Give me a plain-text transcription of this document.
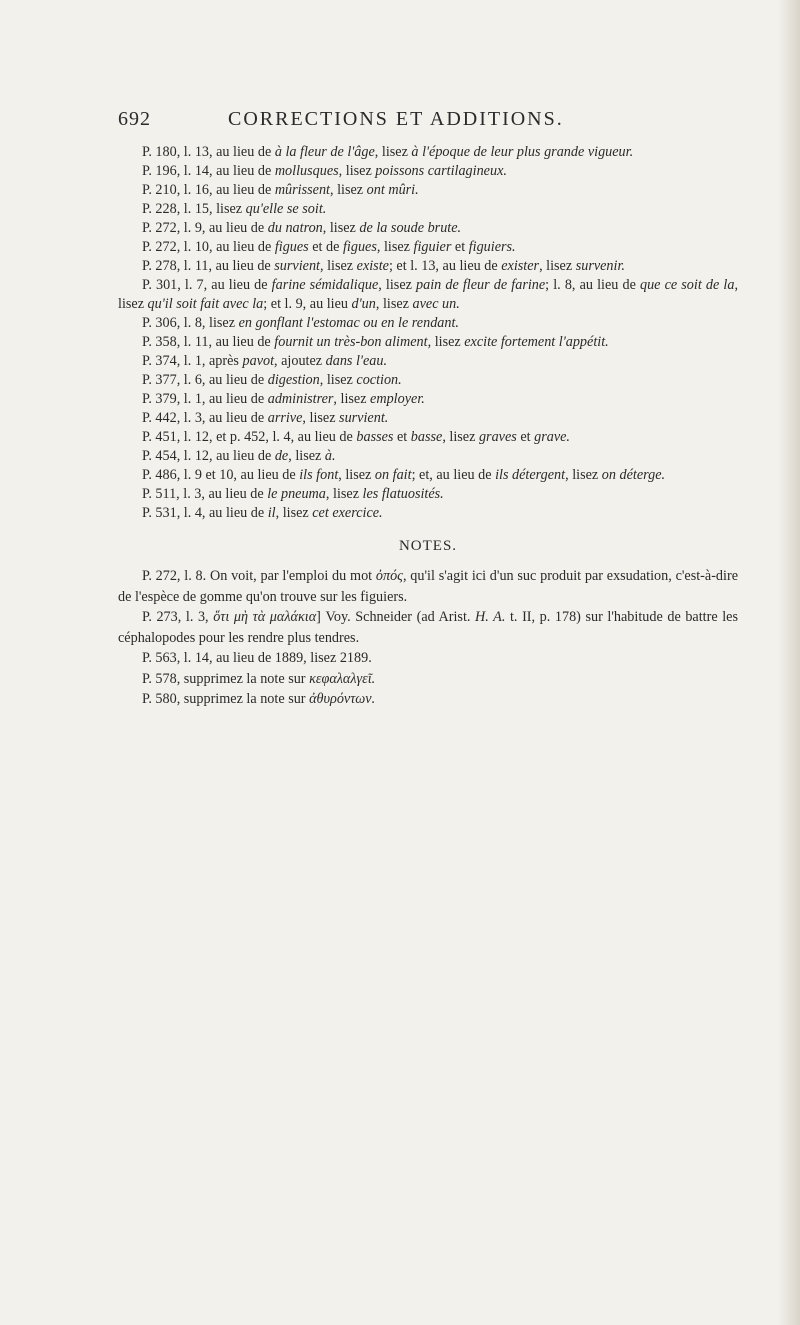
692	CORRECTIONS ET ADDITIONS.

P. 180, l. 13, au lieu de à la fleur de l'âge, lisez à l'époque de leur plus grande vigueur.

P. 196, l. 14, au lieu de mollusques, lisez poissons cartilagineux.

P. 210, l. 16, au lieu de mûrissent, lisez ont mûri.

P. 228, l. 15, lisez qu'elle se soit.

P. 272, l. 9, au lieu de du natron, lisez de la soude brute.

P. 272, l. 10, au lieu de figues et de figues, lisez figuier et figuiers.

P. 278, l. 11, au lieu de survient, lisez existe; et l. 13, au lieu de exister, lisez survenir.

P. 301, l. 7, au lieu de farine sémidalique, lisez pain de fleur de farine; l. 8, au lieu de que ce soit de la, lisez qu'il soit fait avec la; et l. 9, au lieu d'un, lisez avec un.

P. 306, l. 8, lisez en gonflant l'estomac ou en le rendant.

P. 358, l. 11, au lieu de fournit un très-bon aliment, lisez excite fortement l'appétit.

P. 374, l. 1, après pavot, ajoutez dans l'eau.

P. 377, l. 6, au lieu de digestion, lisez coction.

P. 379, l. 1, au lieu de administrer, lisez employer.

P. 442, l. 3, au lieu de arrive, lisez survient.

P. 451, l. 12, et p. 452, l. 4, au lieu de basses et basse, lisez graves et grave.

P. 454, l. 12, au lieu de de, lisez à.

P. 486, l. 9 et 10, au lieu de ils font, lisez on fait; et, au lieu de ils détergent, lisez on déterge.

P. 511, l. 3, au lieu de le pneuma, lisez les flatuosités.

P. 531, l. 4, au lieu de il, lisez cet exercice.

NOTES.

P. 272, l. 8. On voit, par l'emploi du mot ὀπός, qu'il s'agit ici d'un suc produit par exsudation, c'est-à-dire de l'espèce de gomme qu'on trouve sur les figuiers.

P. 273, l. 3, ὅτι μὴ τὰ μαλάκια] Voy. Schneider (ad Arist. H. A. t. II, p. 178) sur l'habitude de battre les céphalopodes pour les rendre plus tendres.

P. 563, l. 14, au lieu de 1889, lisez 2189.

P. 578, supprimez la note sur κεφαλαλγεῖ.

P. 580, supprimez la note sur ἀθυρόντων.
